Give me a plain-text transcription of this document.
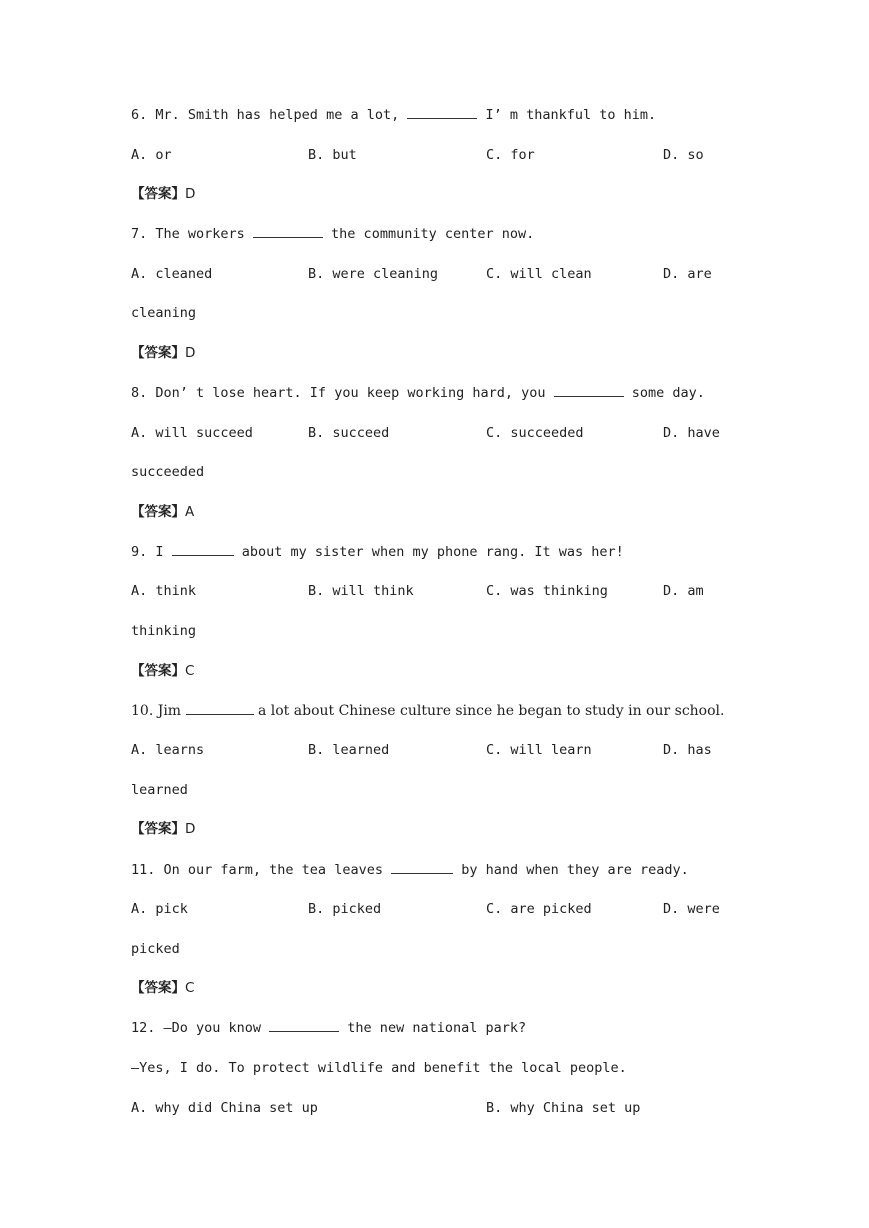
6. Mr. Smith has helped me a lot,	I’ m thankful to him.
A. or	B. but	C. for	D. so
【答案】D
7. The workers	the community center now.
A. cleaned	B. were cleaning	C. will clean	D. are
cleaning
【答案】D
8. Don’ t lose heart. If you keep working hard, you	some day.
A. will succeed	B. succeed	C. succeeded	D. have
succeeded
【答案】A
9. I	about my sister when my phone rang. It was her!
A. think	B. will think	C. was thinking	D. am
thinking
【答案】C
10. Jim	a lot about Chinese culture since he began to study in our school.
A. learns	B. learned	C. will learn	D. has
learned
【答案】D
11. On our farm, the tea leaves	by hand when they are ready.
A. pick	B. picked	C. are picked	D. were
picked
【答案】C
12. —Do you know	the new national park?
—Yes, I do. To protect wildlife and benefit the local people.
A. why did China set up	B. why China set up
